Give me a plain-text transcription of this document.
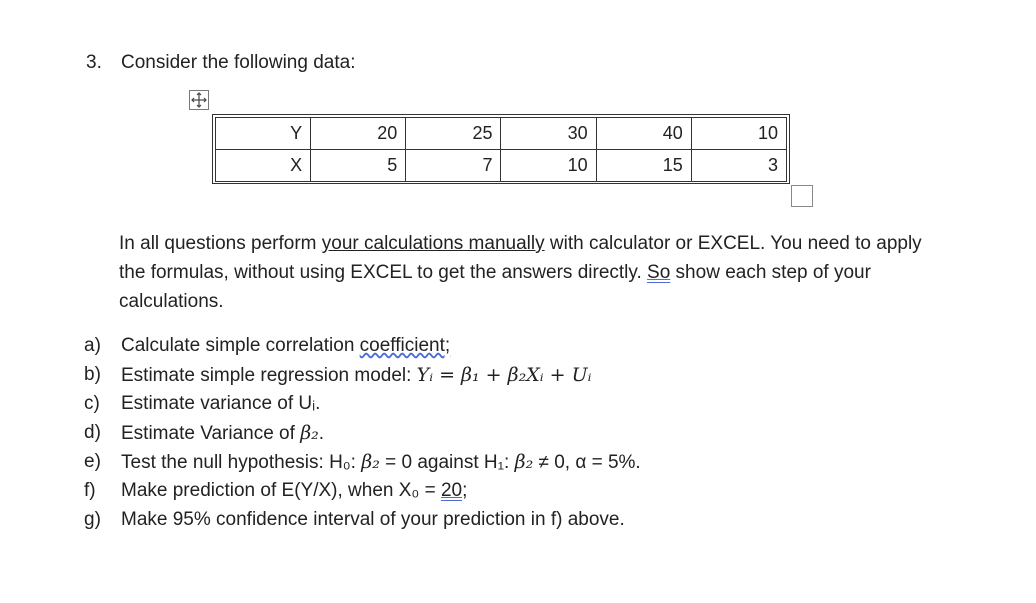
3. Consider the following data:
Y	20	25	30	40	10
X	5	7	10	15	3
In all questions perform your calculations manually with calculator or EXCEL. You need to apply the formulas, without using EXCEL to get the answers directly. So show each step of your calculations.
a) Calculate simple correlation coefficient;
b) Estimate simple regression model: Yᵢ = β₁ + β₂Xᵢ + Uᵢ
c) Estimate variance of Uᵢ.
d) Estimate Variance of β₂.
e) Test the null hypothesis: H₀: β₂ = 0 against H₁: β₂ ≠ 0, α = 5%.
f) Make prediction of E(Y/X), when X₀ = 20;
g) Make 95% confidence interval of your prediction in f) above.
